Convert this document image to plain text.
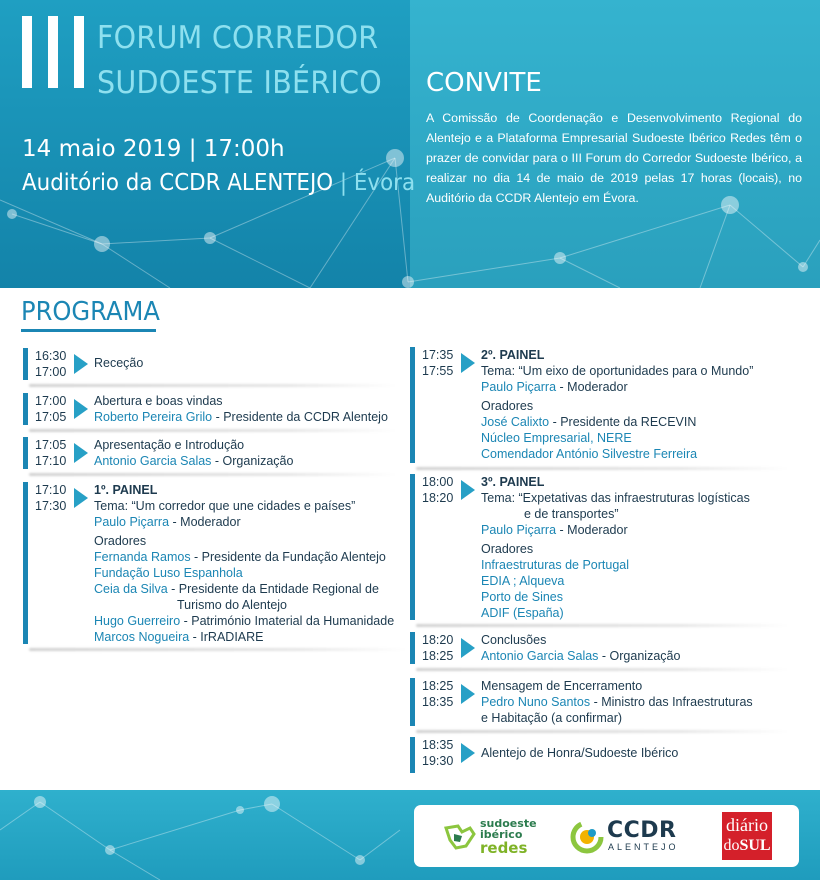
FORUM CORREDOR
SUDOESTE IBÉRICO
14 maio 2019 | 17:00h
Auditório da CCDR ALENTEJO | Évora
CONVITE
A Comissão de Coordenação e Desenvolvimento Regional do Alentejo e a Plataforma Empresarial Sudoeste Ibérico Redes têm o prazer de convidar para o III Forum do Corredor Sudoeste Ibérico, a realizar no dia 14 de maio de 2019 pelas 17 horas (locais), no Auditório da CCDR Alentejo em Évora.
PROGRAMA
16:30
17:00
Receção
17:00
17:05
Abertura e boas vindas
Roberto Pereira Grilo - Presidente da CCDR Alentejo
17:05
17:10
Apresentação e Introdução
Antonio Garcia Salas - Organização
17:10
17:30
1º. PAINEL
Tema: “Um corredor que une cidades e países”
Paulo Piçarra - Moderador
Oradores
Fernanda Ramos - Presidente da Fundação Alentejo
Fundação Luso Espanhola
Ceia da Silva - Presidente da Entidade Regional de
Turismo do Alentejo
Hugo Guerreiro - Património Imaterial da Humanidade
Marcos Nogueira - IrRADIARE
17:35
17:55
2º. PAINEL
Tema: “Um eixo de oportunidades para o Mundo”
Paulo Piçarra - Moderador
Oradores
José Calixto - Presidente da RECEVIN
Núcleo Empresarial, NERE
Comendador António Silvestre Ferreira
18:00
18:20
3º. PAINEL
Tema: “Expetativas das infraestruturas logísticas
e de transportes”
Paulo Piçarra - Moderador
Oradores
Infraestruturas de Portugal
EDIA ; Alqueva
Porto de Sines
ADIF (España)
18:20
18:25
Conclusões
Antonio Garcia Salas - Organização
18:25
18:35
Mensagem de Encerramento
Pedro Nuno Santos - Ministro das Infraestruturas
e Habitação (a confirmar)
18:35
19:30
Alentejo de Honra/Sudoeste Ibérico
sudoeste
ibérico
redes
CCDR
ALENTEJO
diário
doSUL
